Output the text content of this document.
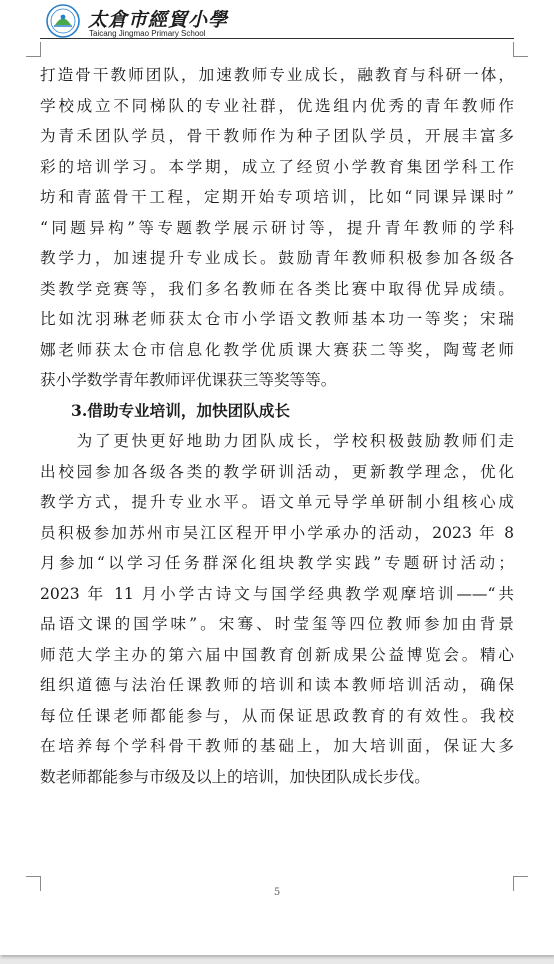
太倉市經貿小學
Taicang Jingmao Primary School
打造骨干教师团队，加速教师专业成长，融教育与科研一体，
学校成立不同梯队的专业社群，优选组内优秀的青年教师作
为青禾团队学员，骨干教师作为种子团队学员，开展丰富多
彩的培训学习。本学期，成立了经贸小学教育集团学科工作
坊和青蓝骨干工程，定期开始专项培训，比如“同课异课时”
“同题异构”等专题教学展示研讨等，提升青年教师的学科
教学力，加速提升专业成长。鼓励青年教师积极参加各级各
类教学竞赛等，我们多名教师在各类比赛中取得优异成绩。
比如沈羽琳老师获太仓市小学语文教师基本功一等奖；宋瑞
娜老师获太仓市信息化教学优质课大赛获二等奖，陶莺老师
获小学数学青年教师评优课获三等奖等等。
3.借助专业培训，加快团队成长
　　为了更快更好地助力团队成长，学校积极鼓励教师们走
出校园参加各级各类的教学研训活动，更新教学理念，优化
教学方式，提升专业水平。语文单元导学单研制小组核心成
员积极参加苏州市吴江区程开甲小学承办的活动，2023 年 8
月参加“以学习任务群深化组块教学实践”专题研讨活动；
2023 年 11 月小学古诗文与国学经典教学观摩培训——“共
品语文课的国学味”。宋骞、时莹玺等四位教师参加由背景
师范大学主办的第六届中国教育创新成果公益博览会。精心
组织道德与法治任课教师的培训和读本教师培训活动，确保
每位任课老师都能参与，从而保证思政教育的有效性。我校
在培养每个学科骨干教师的基础上，加大培训面，保证大多
数老师都能参与市级及以上的培训，加快团队成长步伐。
5
